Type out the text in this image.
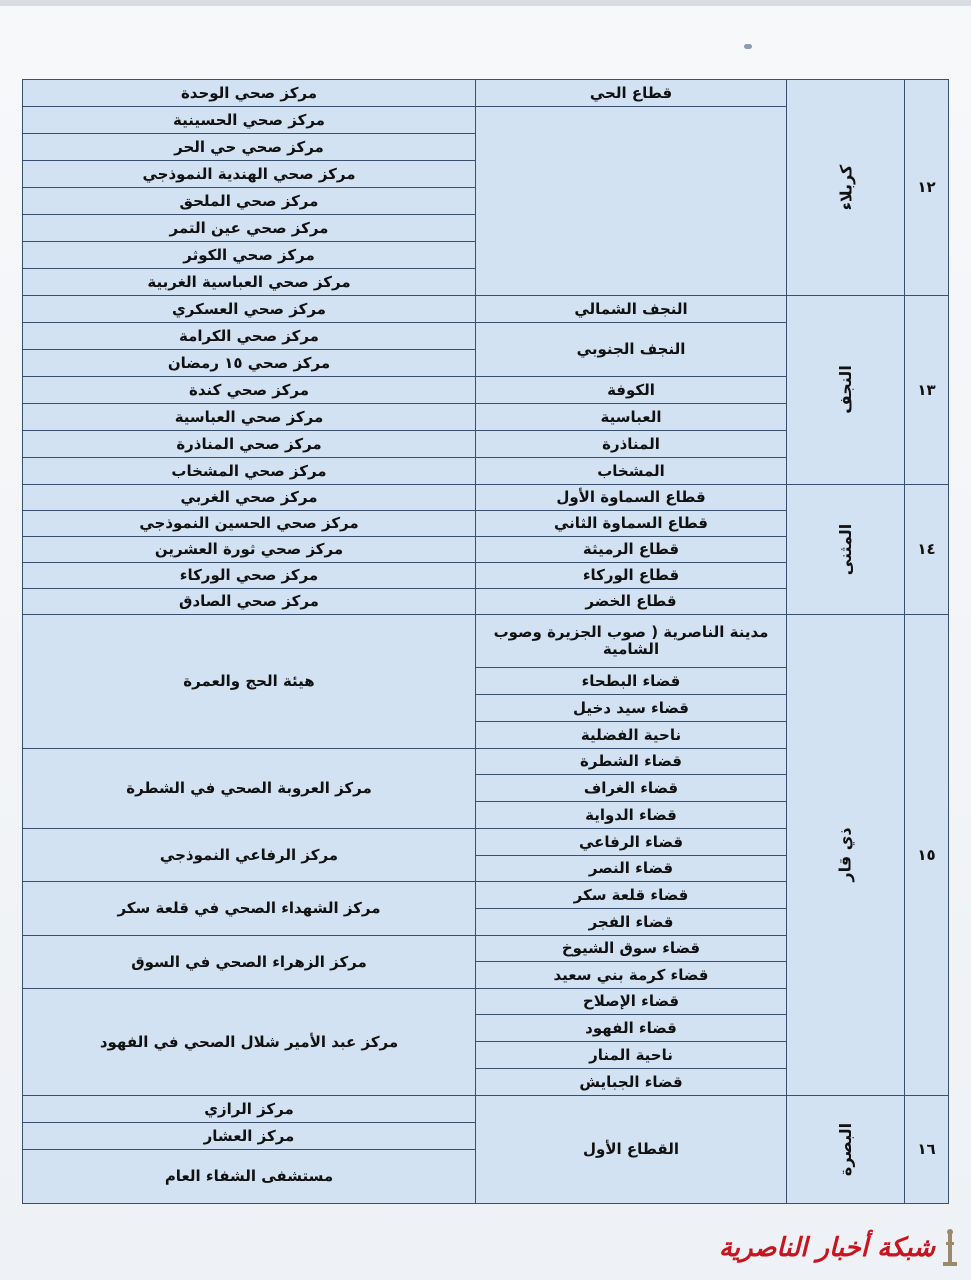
١٢	كربلاء	قطاع الحي	مركز صحي الوحدة
			مركز صحي الحسينية
			مركز صحي حي الحر
			مركز صحي الهندية النموذجي
			مركز صحي الملحق
			مركز صحي عين التمر
			مركز صحي الكوثر
			مركز صحي العباسية الغربية
١٣	النجف	النجف الشمالي	مركز صحي العسكري
		النجف الجنوبي	مركز صحي الكرامة
			مركز صحي ١٥ رمضان
		الكوفة	مركز صحي كندة
		العباسية	مركز صحي العباسية
		المناذرة	مركز صحي المناذرة
		المشخاب	مركز صحي المشخاب
١٤	المثنى	قطاع السماوة الأول	مركز صحي الغربي
		قطاع السماوة الثاني	مركز صحي الحسين النموذجي
		قطاع الرميثة	مركز صحي ثورة العشرين
		قطاع الوركاء	مركز صحي الوركاء
		قطاع الخضر	مركز صحي الصادق
١٥	ذي قار	مدينة الناصرية ( صوب الجزيرة وصوب الشامية	هيئة الحج والعمرة
		قضاء البطحاء	
		قضاء سيد دخيل	
		ناحية الفضلية	
		قضاء الشطرة	مركز العروبة الصحي في الشطرة
		قضاء الغراف	
		قضاء الدواية	
		قضاء الرفاعي	مركز الرفاعي النموذجي
		قضاء النصر	
		قضاء قلعة سكر	مركز الشهداء الصحي في قلعة سكر
		قضاء الفجر	
		قضاء سوق الشيوخ	مركز الزهراء الصحي في السوق
		قضاء كرمة بني سعيد	
		قضاء الإصلاح	مركز عبد الأمير شلال الصحي في الفهود
		قضاء الفهود	
		ناحية المنار	
		قضاء الجبايش	
١٦	البصرة	القطاع الأول	مركز الرازي
			مركز العشار
			مستشفى الشفاء العام
شبكة أخبار الناصرية
